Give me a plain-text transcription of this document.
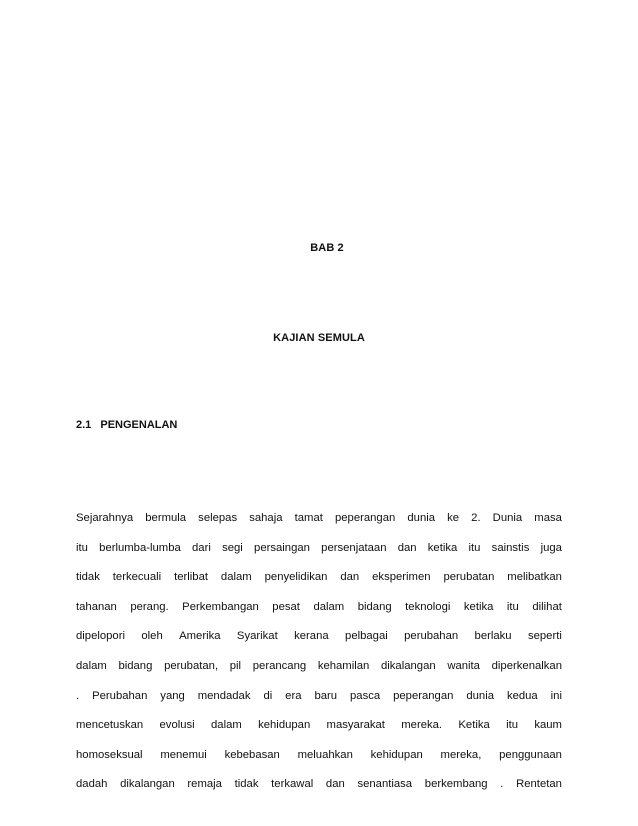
BAB 2
KAJIAN SEMULA
2.1 PENGENALAN
Sejarahnya bermula selepas sahaja tamat peperangan dunia ke 2. Dunia masa
itu berlumba-lumba dari segi persaingan persenjataan dan ketika itu sainstis juga
tidak terkecuali terlibat dalam penyelidikan dan eksperimen perubatan melibatkan
tahanan perang. Perkembangan pesat dalam bidang teknologi ketika itu dilihat
dipelopori oleh Amerika Syarikat kerana pelbagai perubahan berlaku seperti
dalam bidang perubatan, pil perancang kehamilan dikalangan wanita diperkenalkan
. Perubahan yang mendadak di era baru pasca peperangan dunia kedua ini
mencetuskan evolusi dalam kehidupan masyarakat mereka. Ketika itu kaum
homoseksual menemui kebebasan meluahkan kehidupan mereka, penggunaan
dadah dikalangan remaja tidak terkawal dan senantiasa berkembang . Rentetan
